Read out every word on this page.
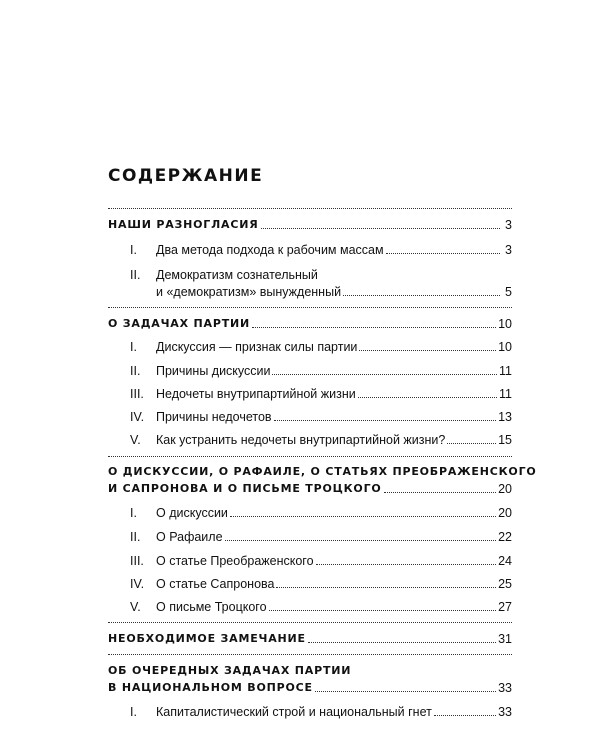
СОДЕРЖАНИЕ
НАШИ РАЗНОГЛАСИЯ	3
I.	Два метода подхода к рабочим массам	3
II.	Демократизм сознательный
и «демократизм» вынужденный	5
О ЗАДАЧАХ ПАРТИИ	10
I.	Дискуссия — признак силы партии	10
II.	Причины дискуссии	11
III. Недочеты внутрипартийной жизни	11
IV. Причины недочетов	13
V.	Как устранить недочеты внутрипартийной жизни?	15
О ДИСКУССИИ, О РАФАИЛЕ, О СТАТЬЯХ ПРЕОБРАЖЕНСКОГО
И САПРОНОВА И О ПИСЬМЕ ТРОЦКОГО	20
I.	О дискуссии	20
II.	О Рафаиле	22
III. О статье Преображенского	24
IV. О статье Сапронова	25
V.	О письме Троцкого	27
НЕОБХОДИМОЕ ЗАМЕЧАНИЕ	31
ОБ ОЧЕРЕДНЫХ ЗАДАЧАХ ПАРТИИ
В НАЦИОНАЛЬНОМ ВОПРОСЕ	33
I.	Капиталистический строй и национальный гнет	33
